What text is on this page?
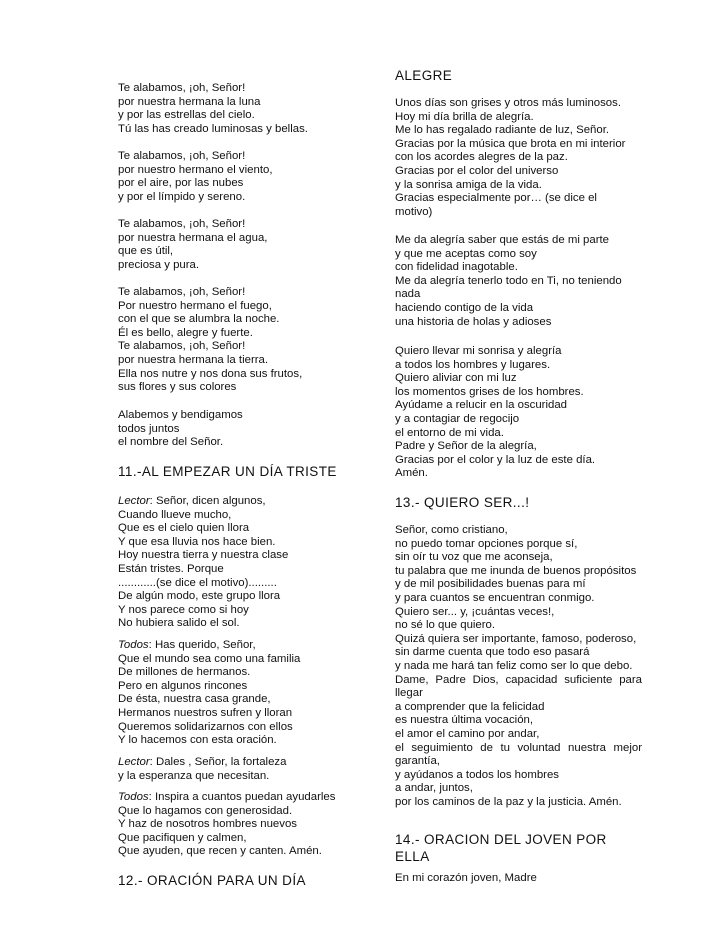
Te alabamos, ¡oh, Señor!
por nuestra hermana la luna
y por las estrellas del cielo.
Tú las has creado luminosas y bellas.
Te alabamos, ¡oh, Señor!
por nuestro hermano el viento,
por el aire, por las nubes
y por el límpido y sereno.
Te alabamos, ¡oh, Señor!
por nuestra hermana el agua,
que es útil,
preciosa y pura.
Te alabamos, ¡oh, Señor!
Por nuestro hermano el fuego,
con el que se alumbra la noche.
Él es bello, alegre y fuerte.
Te alabamos, ¡oh, Señor!
por nuestra hermana la tierra.
Ella nos nutre y nos dona sus frutos,
sus flores y sus colores
Alabemos y bendigamos
todos juntos
el nombre del Señor.
11.-AL EMPEZAR UN DÍA TRISTE
Lector: Señor, dicen algunos,
Cuando llueve mucho,
Que es el cielo quien llora
Y que esa lluvia nos hace bien.
Hoy nuestra tierra y nuestra clase
Están tristes. Porque
............(se dice el motivo).........
De algún modo, este grupo llora
Y nos parece como si hoy
No hubiera salido el sol.
Todos: Has querido, Señor,
Que el mundo sea como una familia
De millones de hermanos.
Pero en algunos rincones
De ésta, nuestra casa grande,
Hermanos nuestros sufren y lloran
Queremos solidarizarnos con ellos
Y lo hacemos con esta oración.
Lector: Dales , Señor, la fortaleza
y la esperanza que necesitan.
Todos: Inspira a cuantos puedan ayudarles
Que lo hagamos con generosidad.
Y haz de nosotros hombres nuevos
Que pacifiquen y calmen,
Que ayuden, que recen y canten. Amén.
12.- ORACIÓN PARA UN DÍA
ALEGRE
Unos días son grises y otros más luminosos.
Hoy mi día brilla de alegría.
Me lo has regalado radiante de luz, Señor.
Gracias por la música que brota en mi interior
con los acordes alegres de la paz.
Gracias por el color del universo
y la sonrisa amiga de la vida.
Gracias especialmente por… (se dice el
motivo)
Me da alegría saber que estás de mi parte
y que me aceptas como soy
con fidelidad inagotable.
Me da alegría tenerlo todo en Ti, no teniendo
nada
haciendo contigo de la vida
una historia de holas y adioses
Quiero llevar mi sonrisa y alegría
a todos los hombres y lugares.
Quiero aliviar con mi luz
los momentos grises de los hombres.
Ayúdame a relucir en la oscuridad
y a contagiar de regocijo
el entorno de mi vida.
Padre y Señor de la alegría,
Gracias por el color y la luz de este día.
Amén.
13.- QUIERO SER...!
Señor, como cristiano,
no puedo tomar opciones porque sí,
sin oír tu voz que me aconseja,
tu palabra que me inunda de buenos propósitos
y de mil posibilidades buenas para mí
y para cuantos se encuentran conmigo.
Quiero ser... y, ¡cuántas veces!,
no sé lo que quiero.
Quizá quiera ser importante, famoso, poderoso,
sin darme cuenta que todo eso pasará
y nada me hará tan feliz como ser lo que debo.
Dame, Padre Dios, capacidad suficiente para
llegar
a comprender que la felicidad
es nuestra última vocación,
el amor el camino por andar,
el seguimiento de tu voluntad nuestra mejor
garantía,
y ayúdanos a todos los hombres
a andar, juntos,
por los caminos de la paz y la justicia. Amén.
14.- ORACION DEL JOVEN POR
ELLA
En mi corazón joven, Madre
